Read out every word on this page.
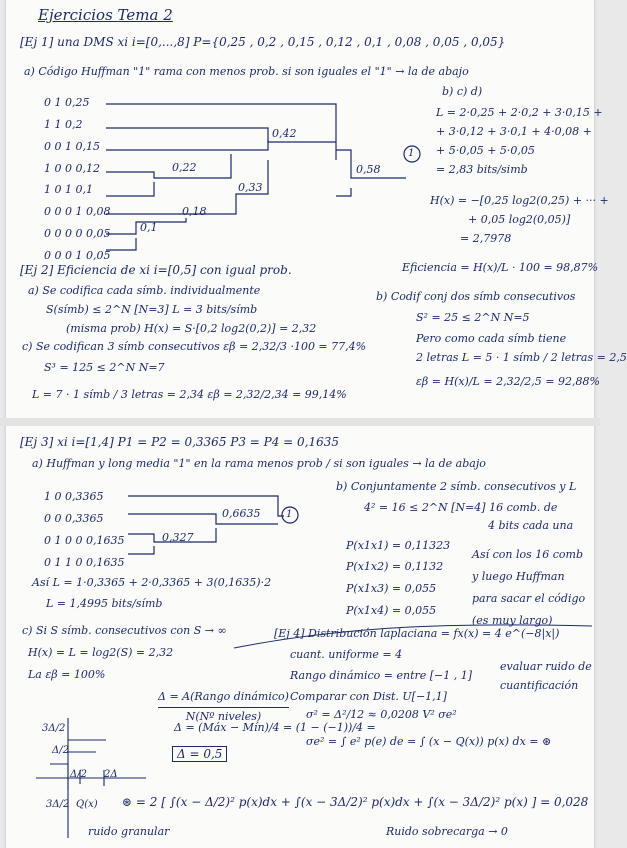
Ejercicios Tema 2
[Ej 1] una DMS xi i=[0,...,8] P={0,25 , 0,2 , 0,15 , 0,12 , 0,1 , 0,08 , 0,05 , 0,05}
a) Código Huffman "1" rama con menos prob. si son iguales el "1" → la de abajo
0 1 0,25
1 1 0,2
0 0 1 0,15
1 0 0 0,12
1 0 1 0,1
0 0 0 1 0,08
0 0 0 0 0,05
0 0 0 1 0,05
0,42
0,22
0,33
0,18
0,1
0,58
1
b) c) d)
L = 2·0,25 + 2·0,2 + 3·0,15 +
+ 3·0,12 + 3·0,1 + 4·0,08 +
+ 5·0,05 + 5·0,05
= 2,83 bits/simb
H(x) = −[0,25 log2(0,25) + ··· +
+ 0,05 log2(0,05)]
= 2,7978
Eficiencia = H(x)/L · 100 = 98,87%
[Ej 2] Eficiencia de xi i=[0,5] con igual prob.
a) Se codifica cada símb. individualmente
S(símb) ≤ 2^N [N=3] L = 3 bits/símb
(misma prob) H(x) = S·[0,2 log2(0,2)] = 2,32
c) Se codifican 3 símb consecutivos εβ = 2,32/3 ·100 = 77,4%
S³ = 125 ≤ 2^N N=7
L = 7 · 1 símb / 3 letras = 2,34 εβ = 2,32/2,34 = 99,14%
b) Codif conj dos símb consecutivos
S² = 25 ≤ 2^N N=5
Pero como cada símb tiene
2 letras L = 5 · 1 símb / 2 letras = 2,5
εβ = H(x)/L = 2,32/2,5 = 92,88%
[Ej 3] xi i=[1,4] P1 = P2 = 0,3365 P3 = P4 = 0,1635
a) Huffman y long media "1" en la rama menos prob / si son iguales → la de abajo
1 0 0,3365
0 0 0,3365
0 1 0 0 0,1635
0 1 1 0 0,1635
0,327
0,6635	1
Así L = 1·0,3365 + 2·0,3365 + 3(0,1635)·2
L = 1,4995 bits/símb
c) Si S símb. consecutivos con S → ∞
H(x) = L = log2(S) = 2,32
La εβ = 100%
b) Conjuntamente 2 símb. consecutivos y L
4² = 16 ≤ 2^N [N=4] 16 comb. de
4 bits cada una
P(x1x1) = 0,11323
P(x1x2) = 0,1132
P(x1x3) = 0,055
P(x1x4) = 0,055
Así con los 16 comb
y luego Huffman
para sacar el código
(es muy largo)
[Ej 4] Distribución laplaciana = fx(x) = 4 e^(−8|x|)
cuant. uniforme = 4
Rango dinámico = entre [−1 , 1]
Comparar con Dist. U[−1,1]
evaluar ruido de
cuantificación
Δ = A(Rango dinámico)
N(Nº niveles)
Δ = (Máx − Mín)/4 = (1 − (−1))/4 =
Δ = 0,5
σ² = Δ²/12 ≈ 0,0208 V² σe²
σe² = ∫ e² p(e) de = ∫ (x − Q(x)) p(x) dx = ⊛
3Δ/2
Δ/2
Δ/2 2Δ
3Δ/2 Q(x) ⊛ = 2 [ ∫(x − Δ/2)² p(x)dx + ∫(x − 3Δ/2)² p(x)dx + ∫(x − 3Δ/2)² p(x) ] = 0,028
ruido granular	Ruido sobrecarga → 0
